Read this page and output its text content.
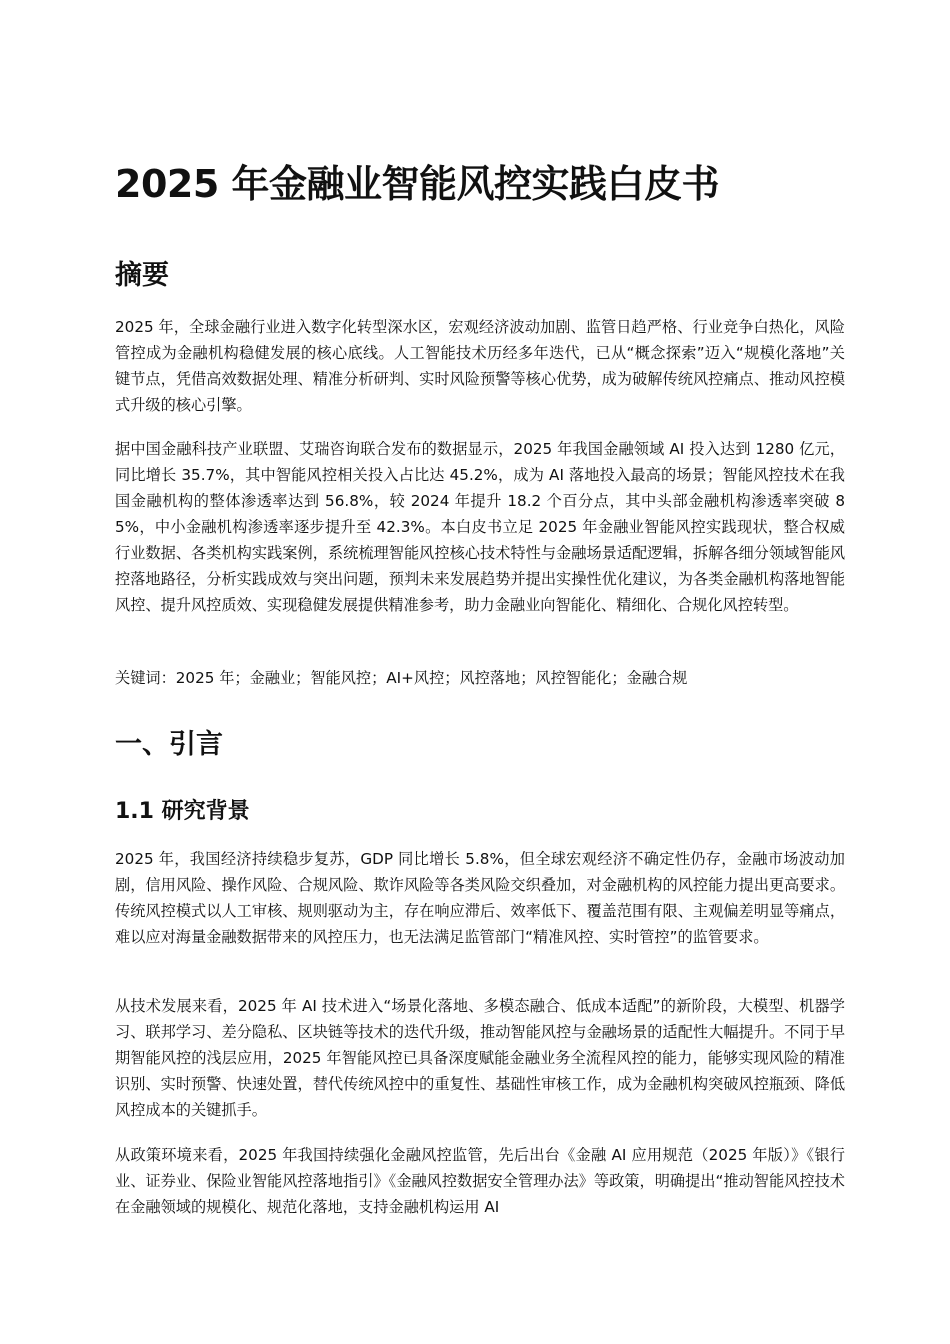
2025 年金融业智能风控实践白皮书
摘要

2025 年，全球金融行业进入数字化转型深水区，宏观经济波动加剧、监管日趋严格、行业竞争白热化，风险管控成为金融机构稳健发展的核心底线。人工智能技术历经多年迭代，已从“概念探索”迈入“规模化落地”关键节点，凭借高效数据处理、精准分析研判、实时风险预警等核心优势，成为破解传统风控痛点、推动风控模式升级的核心引擎。

据中国金融科技产业联盟、艾瑞咨询联合发布的数据显示，2025 年我国金融领域 AI 投入达到 1280 亿元，同比增长 35.7%，其中智能风控相关投入占比达 45.2%，成为 AI 落地投入最高的场景；智能风控技术在我国金融机构的整体渗透率达到 56.8%，较 2024 年提升 18.2 个百分点，其中头部金融机构渗透率突破 85%，中小金融机构渗透率逐步提升至 42.3%。本白皮书立足 2025 年金融业智能风控实践现状，整合权威行业数据、各类机构实践案例，系统梳理智能风控核心技术特性与金融场景适配逻辑，拆解各细分领域智能风控落地路径，分析实践成效与突出问题，预判未来发展趋势并提出实操性优化建议，为各类金融机构落地智能风控、提升风控质效、实现稳健发展提供精准参考，助力金融业向智能化、精细化、合规化风控转型。

关键词：2025 年；金融业；智能风控；AI+风控；风控落地；风控智能化；金融合规

一、引言
1.1 研究背景

2025 年，我国经济持续稳步复苏，GDP 同比增长 5.8%，但全球宏观经济不确定性仍存，金融市场波动加剧，信用风险、操作风险、合规风险、欺诈风险等各类风险交织叠加，对金融机构的风控能力提出更高要求。传统风控模式以人工审核、规则驱动为主，存在响应滞后、效率低下、覆盖范围有限、主观偏差明显等痛点，难以应对海量金融数据带来的风控压力，也无法满足监管部门“精准风控、实时管控”的监管要求。

从技术发展来看，2025 年 AI 技术进入“场景化落地、多模态融合、低成本适配”的新阶段，大模型、机器学习、联邦学习、差分隐私、区块链等技术的迭代升级，推动智能风控与金融场景的适配性大幅提升。不同于早期智能风控的浅层应用，2025 年智能风控已具备深度赋能金融业务全流程风控的能力，能够实现风险的精准识别、实时预警、快速处置，替代传统风控中的重复性、基础性审核工作，成为金融机构突破风控瓶颈、降低风控成本的关键抓手。

从政策环境来看，2025 年我国持续强化金融风控监管，先后出台《金融 AI 应用规范（2025 年版）》《银行业、证券业、保险业智能风控落地指引》《金融风控数据安全管理办法》等政策，明确提出“推动智能风控技术在金融领域的规模化、规范化落地，支持金融机构运用 AI
